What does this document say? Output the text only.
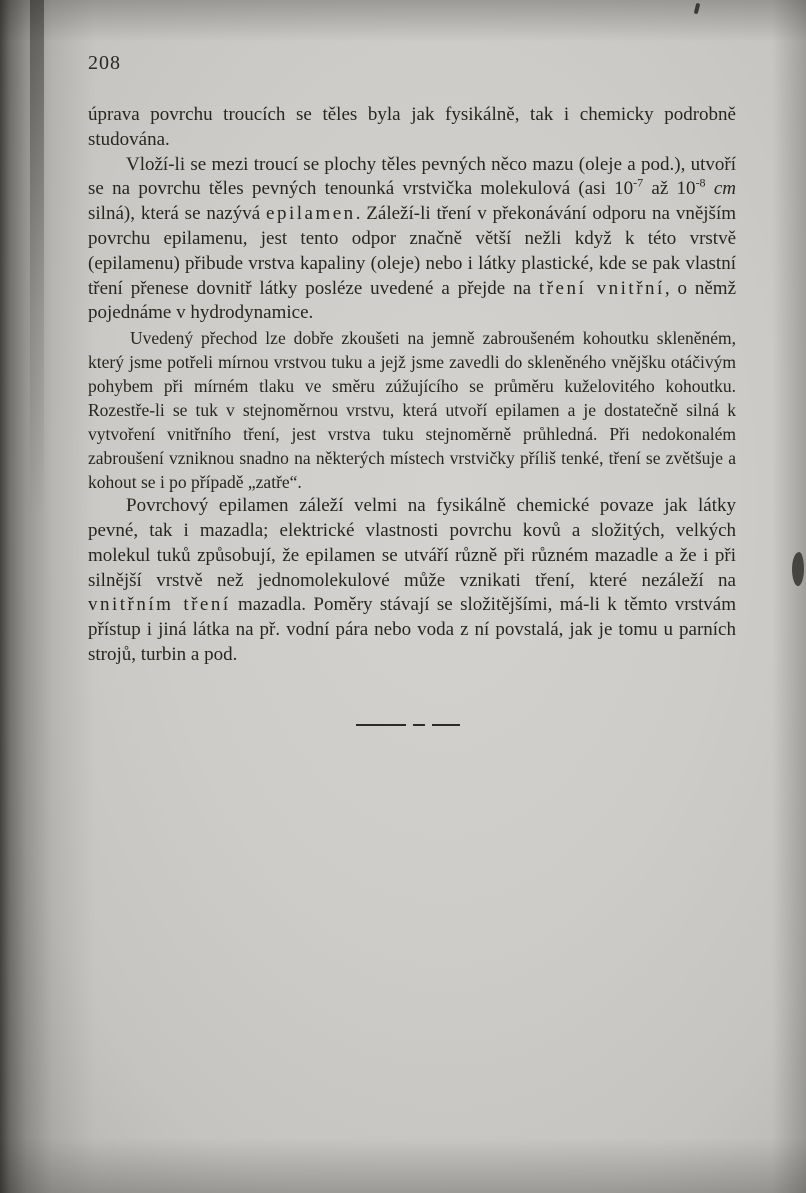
208

úprava povrchu troucích se těles byla jak fysikálně, tak i chemicky podrobně studována.

Vloží-li se mezi troucí se plochy těles pevných něco mazu (oleje a pod.), utvoří se na povrchu těles pevných tenounká vrstvička molekulová (asi $10^{-7}$ až $10^{-8}$ cm silná), která se nazývá epilamen. Záleží-li tření v překonávání odporu na vnějším povrchu epilamenu, jest tento odpor značně větší nežli když k této vrstvě (epilamenu) přibude vrstva kapaliny (oleje) nebo i látky plastické, kde se pak vlastní tření přenese dovnitř látky posléze uvedené a přejde na tření vnitřní, o němž pojednáme v hydrodynamice.

Uvedený přechod lze dobře zkoušeti na jemně zabroušeném kohoutku skleněném, který jsme potřeli mírnou vrstvou tuku a jejž jsme zavedli do skleněného vnějšku otáčivým pohybem při mírném tlaku ve směru zúžujícího se průměru kuželovitého kohoutku. Rozestře-li se tuk v stejnoměrnou vrstvu, která utvoří epilamen a je dostatečně silná k vytvoření vnitřního tření, jest vrstva tuku stejnoměrně průhledná. Při nedokonalém zabroušení vzniknou snadno na některých místech vrstvičky příliš tenké, tření se zvětšuje a kohout se i po případě „zatře“.

Povrchový epilamen záleží velmi na fysikálně chemické povaze jak látky pevné, tak i mazadla; elektrické vlastnosti povrchu kovů a složitých, velkých molekul tuků způsobují, že epilamen se utváří různě při různém mazadle a že i při silnější vrstvě než jednomolekulové může vznikati tření, které nezáleží na vnitřním tření mazadla. Poměry stávají se složitějšími, má-li k těmto vrstvám přístup i jiná látka na př. vodní pára nebo voda z ní povstalá, jak je tomu u parních strojů, turbin a pod.
